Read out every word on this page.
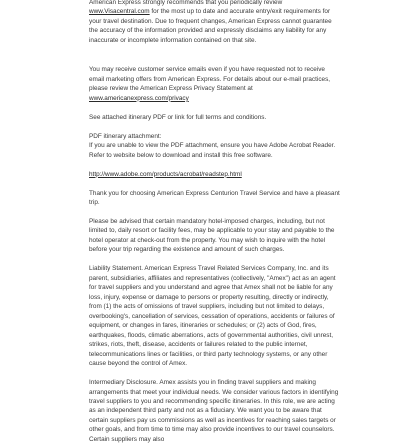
American Express strongly recommends that you periodically review www.Visacentral.com for the most up to date and accurate entry/exit requirements for your travel destination. Due to frequent changes, American Express cannot guarantee the accuracy of the information provided and expressly disclaims any liability for any inaccurate or incomplete information contained on that site.

You may receive customer service emails even if you have requested not to receive email marketing offers from American Express. For details about our e-mail practices, please review the American Express Privacy Statement at www.americanexpress.com/privacy

See attached itinerary PDF or link for full terms and conditions.

PDF itinerary attachment:
If you are unable to view the PDF attachment, ensure you have Adobe Acrobat Reader. Refer to website below to download and install this free software.

http://www.adobe.com/products/acrobat/readstep.html

Thank you for choosing American Express Centurion Travel Service and have a pleasant trip.

Please be advised that certain mandatory hotel-imposed charges, including, but not limited to, daily resort or facility fees, may be applicable to your stay and payable to the hotel operator at check-out from the property. You may wish to inquire with the hotel before your trip regarding the existence and amount of such charges.

Liability Statement. American Express Travel Related Services Company, Inc. and its parent, subsidiaries, affiliates and representatives (collectively, "Amex") act as an agent for travel suppliers and you understand and agree that Amex shall not be liable for any loss, injury, expense or damage to persons or property resulting, directly or indirectly, from (1) the acts of omissions of travel suppliers, including but not limited to delays, overbooking's, cancellation of services, cessation of operations, accidents or failures of equipment, or changes in fares, itineraries or schedules; or (2) acts of God, fires, earthquakes, floods, climatic aberrations, acts of governmental authorities, civil unrest, strikes, riots, theft, disease, accidents or failures related to the public internet, telecommunications lines or facilities, or third party technology systems, or any other cause beyond the control of Amex.

Intermediary Disclosure. Amex assists you in finding travel suppliers and making arrangements that meet your individual needs. We consider various factors in identifying travel suppliers to you and recommending specific itineraries. In this role, we are acting as an independent third party and not as a fiduciary. We want you to be aware that certain suppliers pay us commissions as well as incentives for reaching sales targets or other goals, and from time to time may also provide incentives to our travel counselors. Certain suppliers may also
